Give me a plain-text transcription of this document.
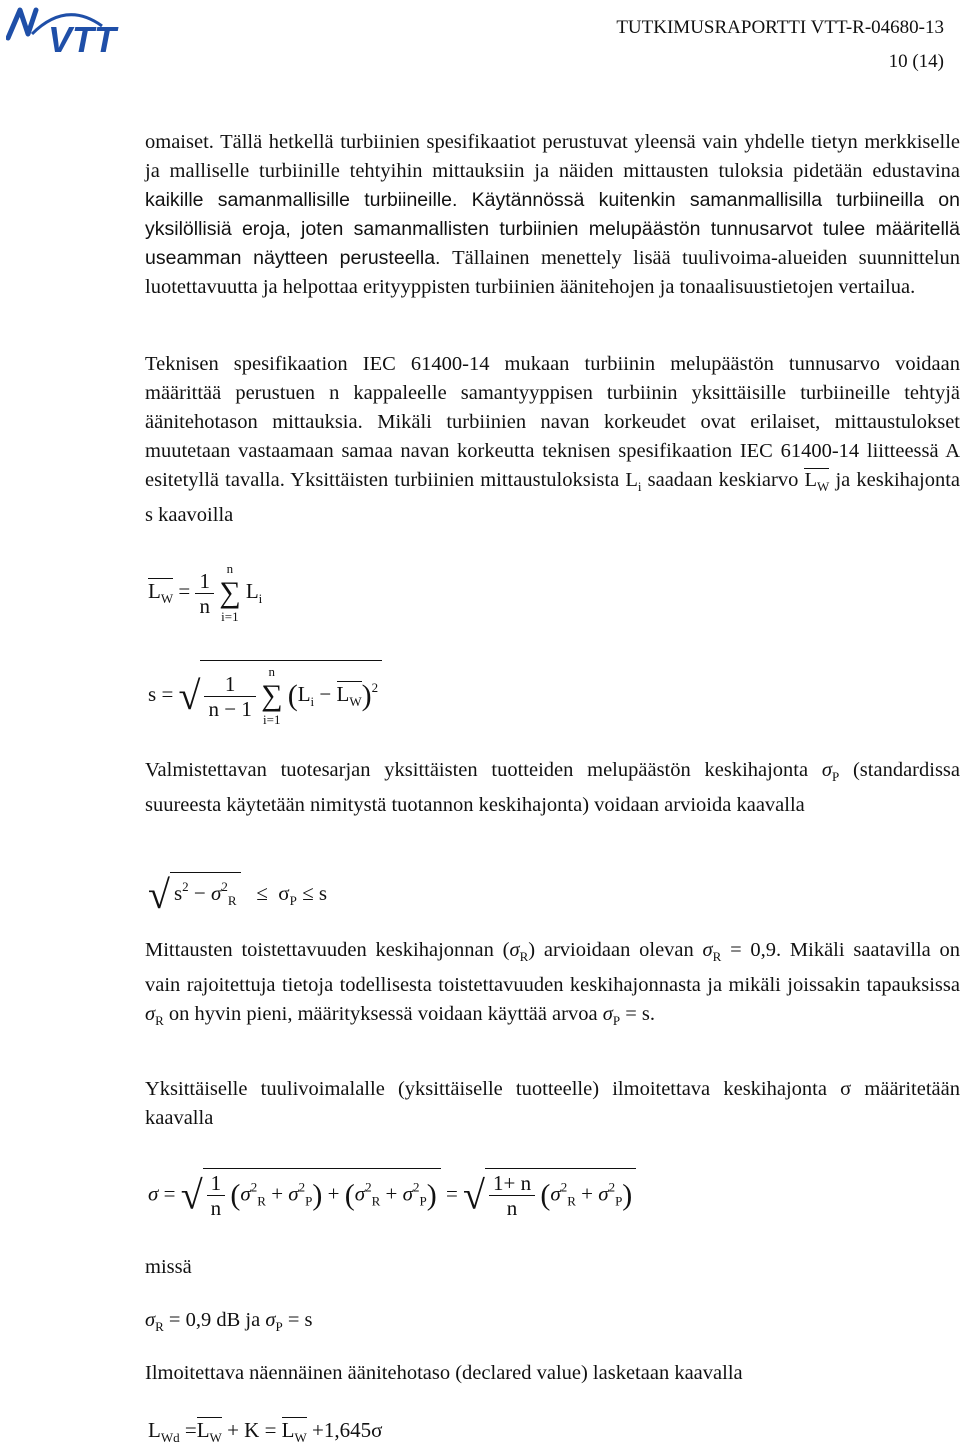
VTT	TUTKIMUSRAPORTTI VTT-R-04680-13
10 (14)

omaiset. Tällä hetkellä turbiinien spesifikaatiot perustuvat yleensä vain yhdelle tietyn merkkiselle ja malliselle turbiinille tehtyihin mittauksiin ja näiden mittausten tuloksia pidetään edustavina kaikille samanmallisille turbiineille. Käytännössä kuitenkin samanmallisilla turbiineilla on yksilöllisiä eroja, joten samanmallisten turbiinien melupäästön tunnusarvot tulee määritellä useamman näytteen perusteella. Tällainen menettely lisää tuulivoima-alueiden suunnittelun luotettavuutta ja helpottaa erityyppisten turbiinien äänitehojen ja tonaalisuustietojen vertailua.

Teknisen spesifikaation IEC 61400-14 mukaan turbiinin melupäästön tunnusarvo voidaan määrittää perustuen n kappaleelle samantyyppisen turbiinin yksittäisille turbiineille tehtyjä äänitehotason mittauksia. Mikäli turbiinien navan korkeudet ovat erilaiset, mittaustulokset muutetaan vastaamaan samaa navan korkeutta teknisen spesifikaation IEC 61400-14 liitteessä A esitetyllä tavalla. Yksittäisten turbiinien mittaustuloksista $L_i$ saadaan keskiarvo $L_W$ ja keskihajonta s kaavoilla

$L_W = \frac{1}{n}$
n
∑
i=1
$L_i$
s = √ $\frac{1}{n - 1}$
n
∑
i=1
$(L_i - L_W)^2$

Valmistettavan tuotesarjan yksittäisten tuotteiden melupäästön keskihajonta $\sigma_P$ (standardissa suureesta käytetään nimitystä tuotannon keskihajonta) voidaan arvioida kaavalla

√ $s^2 - \sigma^2_R \le \sigma_P \le s$

Mittausten toistettavuuden keskihajonnan $(\sigma_R)$ arvioidaan olevan $\sigma_R = 0,9$. Mikäli saatavilla on vain rajoitettuja tietoja todellisesta toistettavuuden keskihajonnasta ja mikäli joissakin tapauksissa $\sigma_R$ on hyvin pieni, määrityksessä voidaan käyttää arvoa $\sigma_P = s$.

Yksittäiselle tuulivoimalalle (yksittäiselle tuotteelle) ilmoitettava keskihajonta σ määritetään kaavalla

σ = √ $\frac{1}{n} (\sigma^2_R + \sigma^2_P) + (\sigma^2_R + \sigma^2_P)$ = √ $\frac{1+ n}{n} (\sigma^2_R + \sigma^2_P)$

missä

$\sigma_R = 0,9$ dB ja $\sigma_P = s$

Ilmoitettava näennäinen äänitehotaso (declared value) lasketaan kaavalla

$L_{Wd} =L_W + K = L_W +1,645\sigma$
